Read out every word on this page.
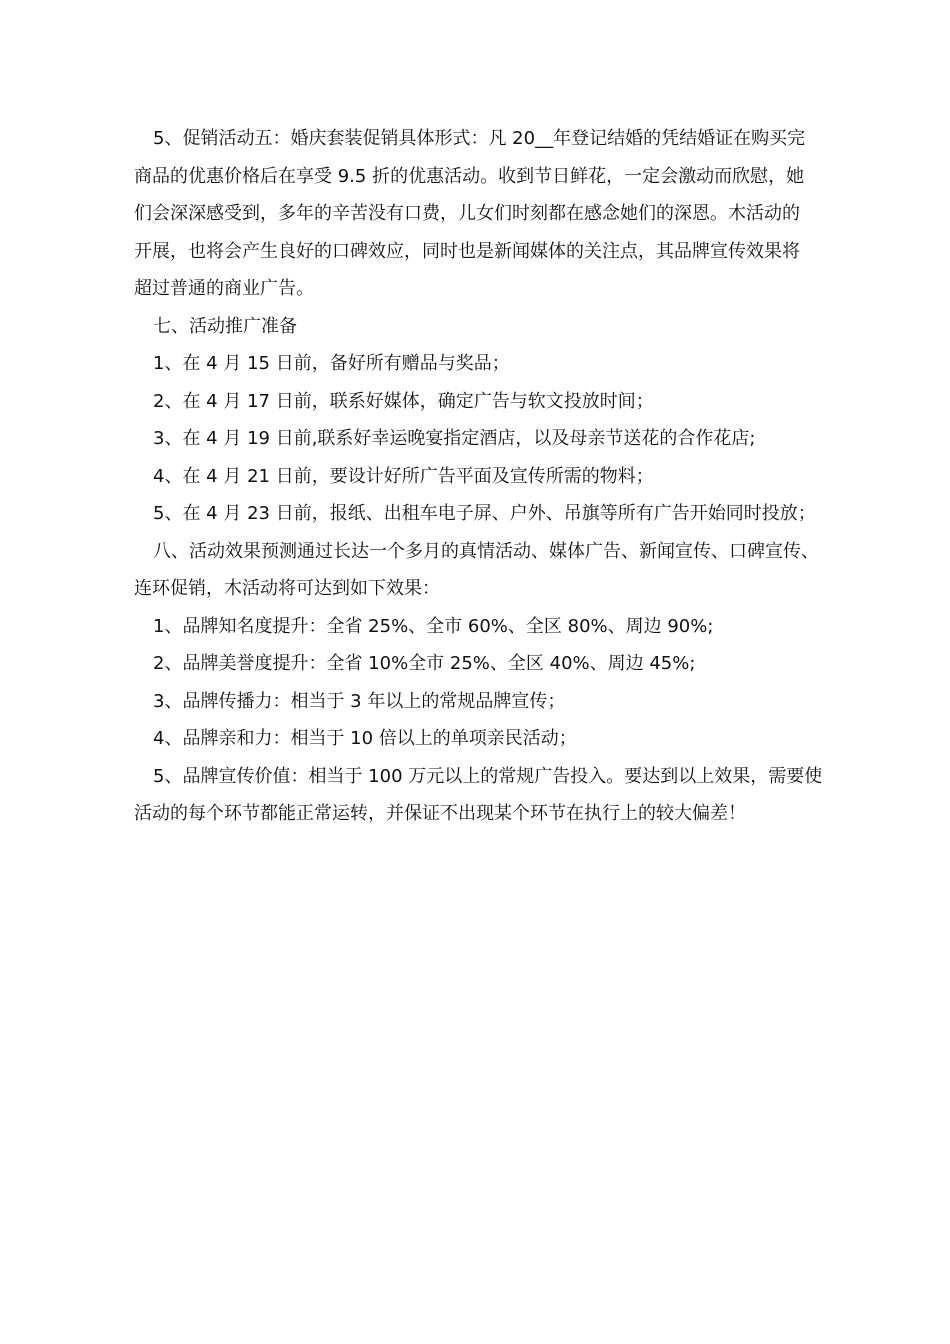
5、促销活动五：婚庆套装促销具体形式：凡 20__年登记结婚的凭结婚证在购买完
商品的优惠价格后在享受 9.5 折的优惠活动。收到节日鲜花，一定会激动而欣慰，她
们会深深感受到，多年的辛苦没有口费，儿女们时刻都在感念她们的深恩。木活动的
开展，也将会产生良好的口碑效应，同时也是新闻媒体的关注点，其品牌宣传效果将
超过普通的商业广告。

七、活动推广准备

1、在 4 月 15 日前，备好所有赠品与奖品；

2、在 4 月 17 日前，联系好媒体，确定广告与软文投放时间；

3、在 4 月 19 日前,联系好幸运晚宴指定酒店，以及母亲节送花的合作花店;

4、在 4 月 21 日前，要设计好所广告平面及宣传所需的物料；

5、在 4 月 23 日前，报纸、出租车电子屏、户外、吊旗等所有广告开始同时投放；

八、活动效果预测通过长达一个多月的真情活动、媒体广告、新闻宣传、口碑宣传、
连环促销，木活动将可达到如下效果：

1、品牌知名度提升：全省 25%、全市 60%、全区 80%、周边 90%;

2、品牌美誉度提升：全省 10%全市 25%、全区 40%、周边 45%;

3、品牌传播力：相当于 3 年以上的常规品牌宣传；

4、品牌亲和力：相当于 10 倍以上的单项亲民活动；

5、品牌宣传价值：相当于 100 万元以上的常规广告投入。要达到以上效果，需要使
活动的每个环节都能正常运转，并保证不出现某个环节在执行上的较大偏差！
